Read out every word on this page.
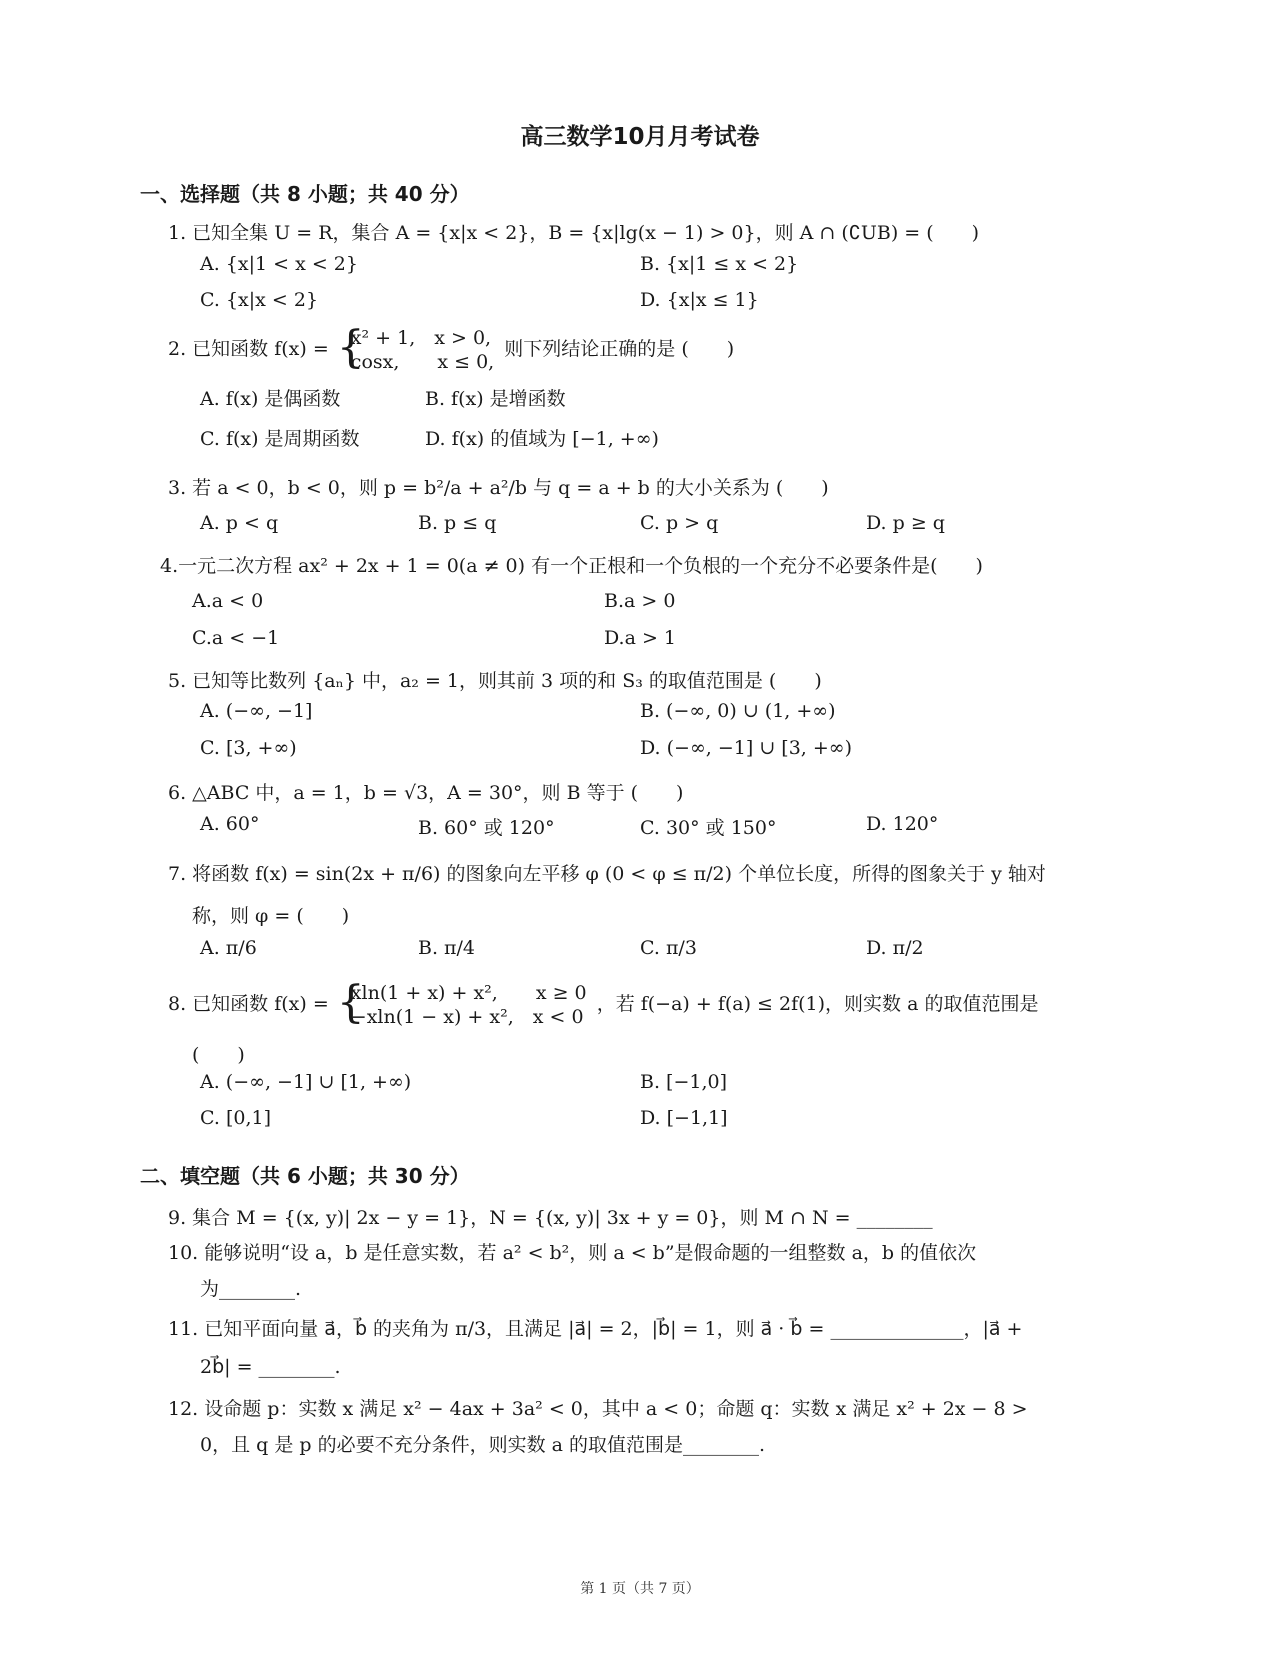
高三数学10月月考试卷
一、选择题（共 8 小题；共 40 分）
1. 已知全集 U = R，集合 A = {x|x < 2}，B = {x|lg(x − 1) > 0}，则 A ∩ (∁UB) = (　　)
A. {x|1 < x < 2}	B. {x|1 ≤ x < 2}
C. {x|x < 2}	D. {x|x ≤ 1}
2. 已知函数 f(x) = { x² + 1,　x > 0,
cosx,　　x ≤ 0,
则下列结论正确的是 (　　)
A. f(x) 是偶函数	B. f(x) 是增函数
C. f(x) 是周期函数	D. f(x) 的值域为 [−1, +∞)
3. 若 a < 0，b < 0，则 p = b²/a + a²/b 与 q = a + b 的大小关系为 (　　)
A. p < q	B. p ≤ q	C. p > q	D. p ≥ q
4.一元二次方程 ax² + 2x + 1 = 0(a ≠ 0) 有一个正根和一个负根的一个充分不必要条件是(　　)
A.a < 0	B.a > 0
C.a < −1	D.a > 1
5. 已知等比数列 {aₙ} 中，a₂ = 1，则其前 3 项的和 S₃ 的取值范围是 (　　)
A. (−∞, −1]	B. (−∞, 0) ∪ (1, +∞)
C. [3, +∞)	D. (−∞, −1] ∪ [3, +∞)
6. △ABC 中，a = 1，b = √3，A = 30°，则 B 等于 (　　)
A. 60°	B. 60° 或 120°	C. 30° 或 150°	D. 120°
7. 将函数 f(x) = sin(2x + π/6) 的图象向左平移 φ (0 < φ ≤ π/2) 个单位长度，所得的图象关于 y 轴对
称，则 φ = (　　)
A. π/6	B. π/4	C. π/3	D. π/2
8. 已知函数 f(x) = { xln(1 + x) + x²,　　x ≥ 0
−xln(1 − x) + x²,　x < 0
，若 f(−a) + f(a) ≤ 2f(1)，则实数 a 的取值范围是
(　　)
A. (−∞, −1] ∪ [1, +∞)	B. [−1,0]
C. [0,1]	D. [−1,1]
二、填空题（共 6 小题；共 30 分）
9. 集合 M = {(x, y)| 2x − y = 1}，N = {(x, y)| 3x + y = 0}，则 M ∩ N = ________
10. 能够说明“设 a，b 是任意实数，若 a² < b²，则 a < b”是假命题的一组整数 a，b 的值依次
为________.
11. 已知平面向量 a⃗，b⃗ 的夹角为 π/3，且满足 |a⃗| = 2，|b⃗| = 1，则 a⃗ · b⃗ = ______________，|a⃗ +
2b⃗| = ________.
12. 设命题 p：实数 x 满足 x² − 4ax + 3a² < 0，其中 a < 0；命题 q：实数 x 满足 x² + 2x − 8 >
0，且 q 是 p 的必要不充分条件，则实数 a 的取值范围是________.
第 1 页（共 7 页）
